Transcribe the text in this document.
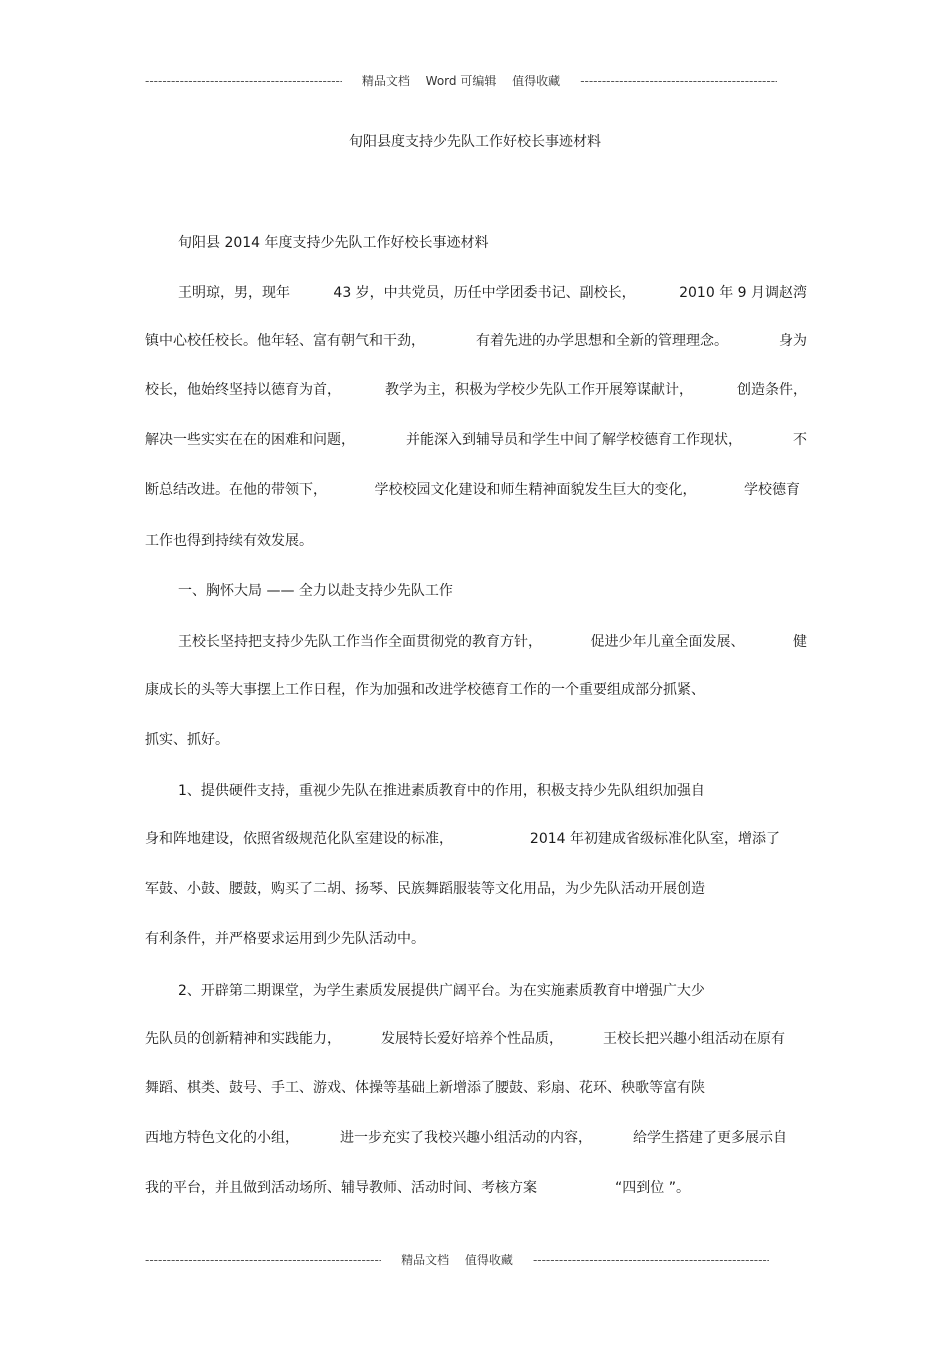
-----
精品文档 Word 可编辑 值得收藏
-----
旬阳县度支持少先队工作好校长事迹材料
旬阳县 2014 年度支持少先队工作好校长事迹材料
王明琼，男，现年	43 岁，中共党员，历任中学团委书记、副校长，	2010 年 9 月调赵湾
镇中心校任校长。他年轻、富有朝气和干劲，	有着先进的办学思想和全新的管理理念。	身为
校长，他始终坚持以德育为首，	教学为主，积极为学校少先队工作开展筹谋献计，	创造条件，
解决一些实实在在的困难和问题，	并能深入到辅导员和学生中间了解学校德育工作现状，	不
断总结改进。在他的带领下，	学校校园文化建设和师生精神面貌发生巨大的变化，	学校德育
工作也得到持续有效发展。
一、胸怀大局 —— 全力以赴支持少先队工作
王校长坚持把支持少先队工作当作全面贯彻党的教育方针，	促进少年儿童全面发展、	健
康成长的头等大事摆上工作日程，作为加强和改进学校德育工作的一个重要组成部分抓紧、
抓实、抓好。
1、提供硬件支持，重视少先队在推进素质教育中的作用，积极支持少先队组织加强自
身和阵地建设，依照省级规范化队室建设的标准，	2014 年初建成省级标准化队室，增添了
军鼓、小鼓、腰鼓，购买了二胡、扬琴、民族舞蹈服装等文化用品，为少先队活动开展创造
有利条件，并严格要求运用到少先队活动中。
2、开辟第二期课堂，为学生素质发展提供广阔平台。为在实施素质教育中增强广大少
先队员的创新精神和实践能力，	发展特长爱好培养个性品质，	王校长把兴趣小组活动在原有
舞蹈、棋类、鼓号、手工、游戏、体操等基础上新增添了腰鼓、彩扇、花环、秧歌等富有陕
西地方特色文化的小组，	进一步充实了我校兴趣小组活动的内容，	给学生搭建了更多展示自
我的平台，并且做到活动场所、辅导教师、活动时间、考核方案	“四到位 ”。
-----
精品文档 值得收藏
-----
